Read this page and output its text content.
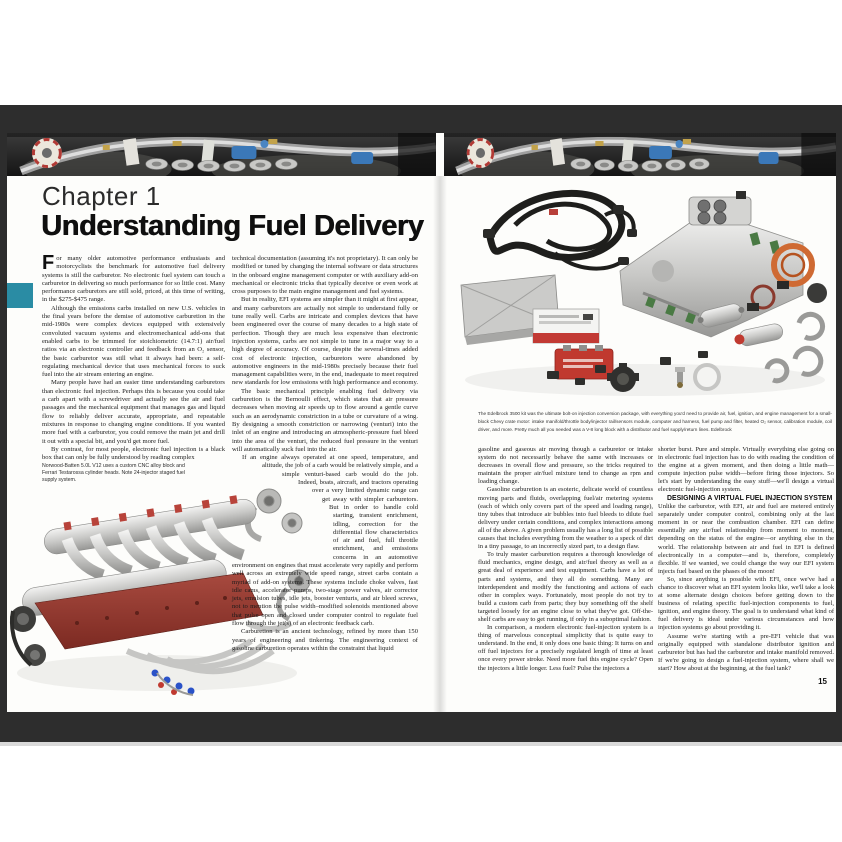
Chapter 1
Understanding Fuel Delivery

For many older automotive performance enthusiasts and motorcyclists the benchmark for automotive fuel delivery systems is still the carburetor. No electronic fuel system can touch a carburetor in delivering so much performance for so little cost. Many performance carburetors are still sold, priced, at this time of writing, in the $275-$475 range.

Although the emissions carbs installed on new U.S. vehicles in the final years before the demise of automotive carburetion in the mid-1980s were complex devices equipped with extensively convoluted vacuum systems and electromechanical add-ons that enabled carbs to be trimmed for stoichiometric (14.7:1) air/fuel ratios via an electronic controller and feedback from an O₂ sensor, the basic carburetor was still what it always had been: a self-regulating mechanical device that uses mechanical forces to suck fuel into the air stream entering an engine.

Many people have had an easier time understanding carburetors than electronic fuel injection. Perhaps this is because you could take a carb apart with a screwdriver and actually see the air and fuel passages and the mechanical equipment that manages gas and liquid flow to reliably deliver accurate, appropriate, and repeatable mixtures in response to changing engine conditions. If you wanted more fuel with a carburetor, you could remove the main jet and drill it out with a special bit, and you'd get more fuel.

By contrast, for most people, electronic fuel injection is a black box that can only be fully understood by reading complex

Norwood-Batten 5.0L V12 uses a custom CNC alloy block and Ferrari Testarossa cylinder heads. Note 24-injector staged fuel supply system.

technical documentation (assuming it's not proprietary). It can only be modified or tuned by changing the internal software or data structures in the onboard engine management computer or with auxiliary add-on mechanical or electronic tricks that typically deceive or even work at cross purposes to the main engine management and fuel systems.

But in reality, EFI systems are simpler than it might at first appear, and many carburetors are actually not simple to understand fully or tune really well. Carbs are intricate and complex devices that have been engineered over the course of many decades to a high state of perfection. Though they are much less expensive than electronic injection systems, carbs are not simple to tune in a major way to a high degree of accuracy. Of course, despite the several-times added cost of electronic injection, carburetors were abandoned by automotive engineers in the mid-1980s precisely because their fuel management capabilities were, in the end, inadequate to meet required new standards for low emissions with high performance and economy.

The basic mechanical principle enabling fuel delivery via carburetion is the Bernoulli effect, which states that air pressure decreases when moving air speeds up to flow around a gentle curve such as an aerodynamic constriction in a tube or curvature of a wing. By designing a smooth constriction or narrowing (venturi) into the inlet of an engine and introducing an atmospheric-pressure fuel bleed into the area of the venturi, the reduced fuel pressure in the venturi will automatically suck fuel into the air.

If an engine always operated at one speed, temperature, and altitude, the job of a carb would be relatively simple, and a simple venturi-based carb would do the job. Indeed, boats, aircraft, and tractors operating over a very limited dynamic range can get away with simpler carburetors. But in order to handle cold starting, transient enrichment, idling, correction for the differential flow characteristics of air and fuel, full throttle enrichment, and emissions concerns in an automotive environment on engines that must accelerate very rapidly and perform well across an extremely wide speed range, street carbs contain a myriad of add-on systems. These systems include choke valves, fast idle cams, accelerator pumps, two-stage power valves, air corrector jets, emulsion tubes, idle jets, booster venturis, and air bleed screws, not to mention the pulse width–modified solenoids mentioned above that pulse open and closed under computer control to regulate fuel flow through the jet(s) of an electronic feedback carb.

Carburetion is an ancient technology, refined by more than 150 years of engineering and tinkering. The engineering context of gasoline carburetion operates within the constraint that liquid

The Edelbrock 3500 kit was the ultimate bolt-on injection conversion package, with everything you'd need to provide air, fuel, ignition, and engine management for a small-block Chevy crate motor: intake manifold/throttle body/injector rail/sensors module, computer and harness, fuel pump and filter, heated O₂ sensor, calibration module, coil driver, and more. Pretty much all you needed was a V-8 long block with a distributor and fuel supply/return lines. Edelbrock

gasoline and gaseous air moving though a carburetor or intake system do not necessarily behave the same with increases or decreases in overall flow and pressure, so the tricks required to maintain the proper air/fuel mixture tend to change as rpm and loading change.

Gasoline carburetion is an esoteric, delicate world of countless moving parts and fluids, overlapping fuel/air metering systems (each of which only covers part of the speed and loading range), tiny tubes that introduce air bubbles into fuel bleeds to dilute fuel delivery under certain conditions, and complex interactions among all of the above. A given problem usually has a long list of possible causes that includes everything from the weather to a speck of dirt in a tiny passage, to an incorrectly sized part, to a design flaw.

To truly master carburetion requires a thorough knowledge of fluid mechanics, engine design, and air/fuel theory as well as a great deal of experience and test equipment. Carbs have a lot of parts and systems, and they all do something. Many are interdependent and modify the functioning and actions of each other in complex ways. Fortunately, most people do not try to build a custom carb from parts; they buy something off the shelf targeted loosely for an engine close to what they've got. Off-the-shelf carbs are easy to get running, if only in a suboptimal fashion.

In comparison, a modern electronic fuel-injection system is a thing of marvelous conceptual simplicity that is quite easy to understand. In the end, it only does one basic thing: It turns on and off fuel injectors for a precisely regulated length of time at least once every power stroke. Need more fuel this engine cycle? Open the injectors a little longer. Less fuel? Pulse the injectors a

shorter burst. Pure and simple. Virtually everything else going on in electronic fuel injection has to do with reading the condition of the engine at a given moment, and then doing a little math—compute injection pulse width—before firing those injectors. So let's start by understanding the easy stuff—we'll design a virtual electronic fuel-injection system.

DESIGNING A VIRTUAL FUEL INJECTION SYSTEM

Unlike the carburetor, with EFI, air and fuel are metered entirely separately under computer control, combining only at the last moment in or near the combustion chamber. EFI can define essentially any air/fuel relationship from moment to moment, depending on the status of the engine—or anything else in the world. The relationship between air and fuel in EFI is defined electronically in a computer—and is, therefore, completely flexible. If we wanted, we could change the way our EFI system injects fuel based on the phases of the moon!

So, since anything is possible with EFI, once we've had a chance to discover what an EFI system looks like, we'll take a look at some alternate design choices before getting down to the business of relating specific fuel-injection components to fuel, ignition, and engine theory. The goal is to understand what kind of fuel delivery is ideal under various circumstances and how injection systems go about providing it.

Assume we're starting with a pre-EFI vehicle that was originally equipped with standalone distributor ignition and carburetor but has had the carburetor and intake manifold removed. If we're going to design a fuel-injection system, where shall we start? How about at the beginning, at the fuel tank?

15
